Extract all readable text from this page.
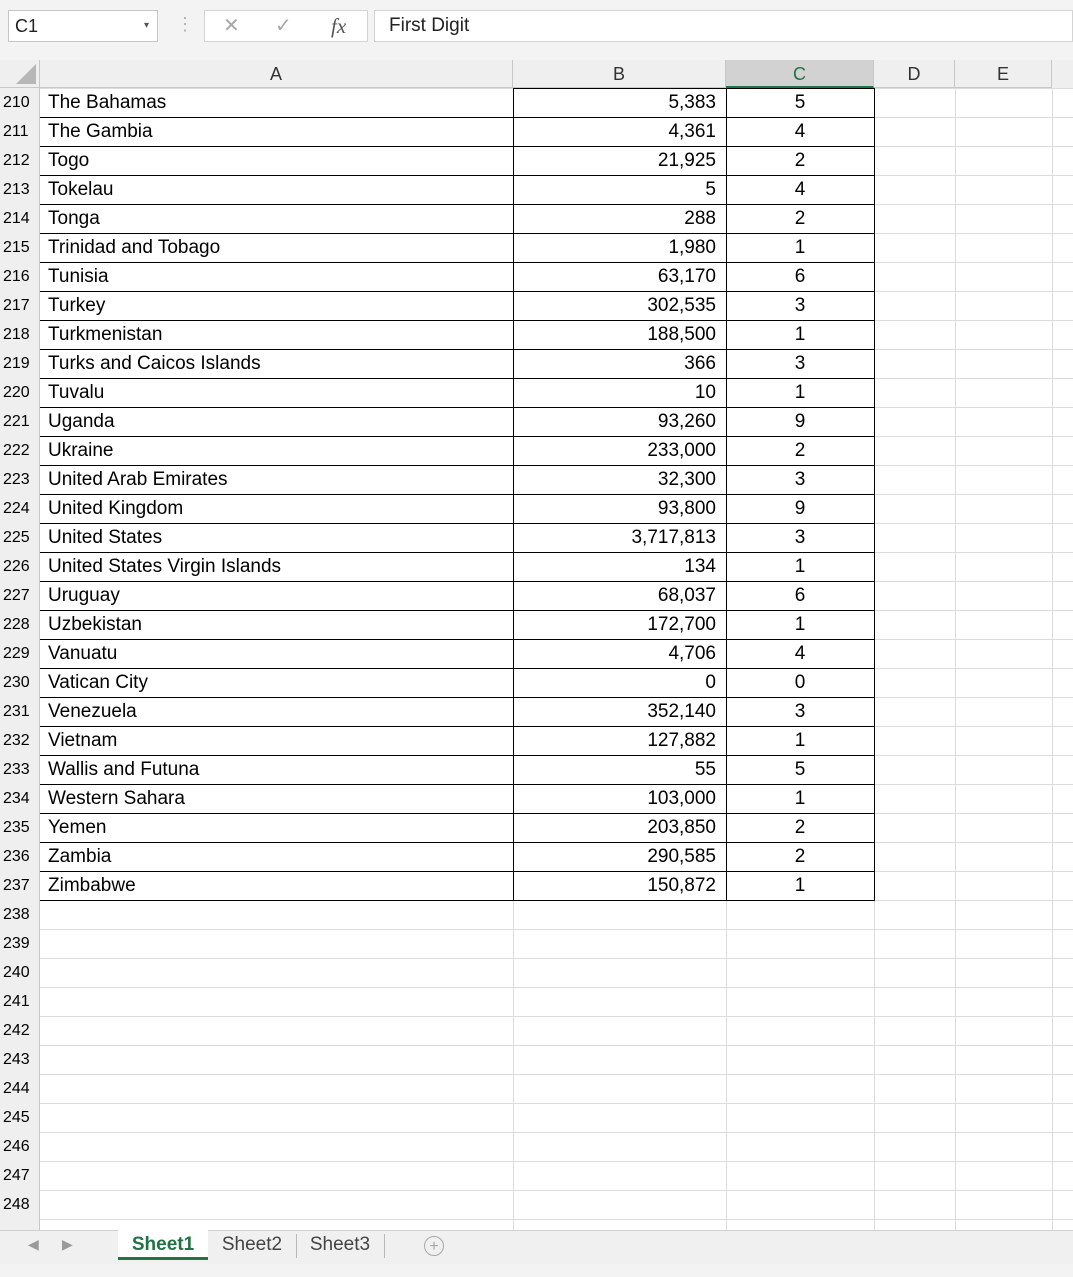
C1	▾ ⋮ ✕ ✓ fx	First Digit
A	B	C	D	E
210 The Bahamas	5,383	5
211	The Gambia	4,361	4
212 Togo	21,925	2
213 Tokelau	5	4
214 Tonga	288	2
215 Trinidad and Tobago	1,980	1
216 Tunisia	63,170	6
217 Turkey	302,535	3
218 Turkmenistan	188,500	1
219 Turks and Caicos Islands	366	3
220 Tuvalu	10	1
221 Uganda	93,260	9
222 Ukraine	233,000	2
223 United Arab Emirates	32,300	3
224 United Kingdom	93,800	9
225 United States	3,717,813	3
226 United States Virgin Islands	134	1
227 Uruguay	68,037	6
228 Uzbekistan	172,700	1
229 Vanuatu	4,706	4
230 Vatican City	0	0
231 Venezuela	352,140	3
232 Vietnam	127,882	1
233 Wallis and Futuna	55	5
234 Western Sahara	103,000	1
235 Yemen	203,850	2
236 Zambia	290,585	2
237 Zimbabwe	150,872	1
238
239
240
241
242
243
244
245
246
247
248
◀ ▶	Sheet1	Sheet2	Sheet3	+
